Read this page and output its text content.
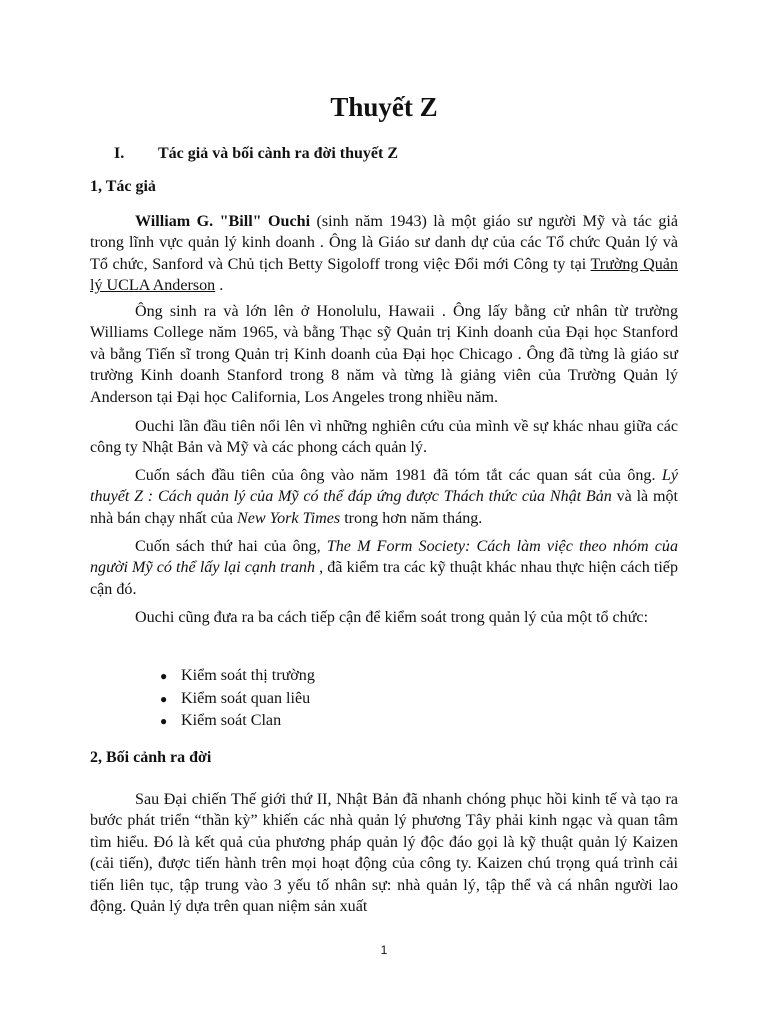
Thuyết Z

I. Tác giả và bối cành ra đời thuyết Z

1, Tác giả

William G. "Bill" Ouchi (sinh năm 1943) là một giáo sư người Mỹ và tác giả trong lĩnh vực quản lý kinh doanh . Ông là Giáo sư danh dự của các Tổ chức Quản lý và Tổ chức, Sanford và Chủ tịch Betty Sigoloff trong việc Đổi mới Công ty tại Trường Quản lý UCLA Anderson .

Ông sinh ra và lớn lên ở Honolulu, Hawaii . Ông lấy bằng cử nhân từ trường Williams College năm 1965, và bằng Thạc sỹ Quản trị Kinh doanh của Đại học Stanford và bằng Tiến sĩ trong Quản trị Kinh doanh của Đại học Chicago . Ông đã từng là giáo sư trường Kinh doanh Stanford trong 8 năm và từng là giảng viên của Trường Quản lý Anderson tại Đại học California, Los Angeles trong nhiều năm.

Ouchi lần đầu tiên nổi lên vì những nghiên cứu của mình về sự khác nhau giữa các công ty Nhật Bản và Mỹ và các phong cách quản lý.

Cuốn sách đầu tiên của ông vào năm 1981 đã tóm tắt các quan sát của ông. Lý thuyết Z : Cách quản lý của Mỹ có thể đáp ứng được Thách thức của Nhật Bản và là một nhà bán chạy nhất của New York Times trong hơn năm tháng.

Cuốn sách thứ hai của ông, The M Form Society: Cách làm việc theo nhóm của người Mỹ có thể lấy lại cạnh tranh , đã kiểm tra các kỹ thuật khác nhau thực hiện cách tiếp cận đó.

Ouchi cũng đưa ra ba cách tiếp cận để kiểm soát trong quản lý của một tổ chức:

● Kiểm soát thị trường
● Kiểm soát quan liêu
● Kiểm soát Clan

2, Bối cảnh ra đời

Sau Đại chiến Thế giới thứ II, Nhật Bản đã nhanh chóng phục hồi kinh tế và tạo ra bước phát triển “thần kỳ” khiến các nhà quản lý phương Tây phải kinh ngạc và quan tâm tìm hiểu. Đó là kết quả của phương pháp quản lý độc đáo gọi là kỹ thuật quản lý Kaizen (cải tiến), được tiến hành trên mọi hoạt động của công ty. Kaizen chú trọng quá trình cải tiến liên tục, tập trung vào 3 yếu tố nhân sự: nhà quản lý, tập thể và cá nhân người lao động. Quản lý dựa trên quan niệm sản xuất

1
